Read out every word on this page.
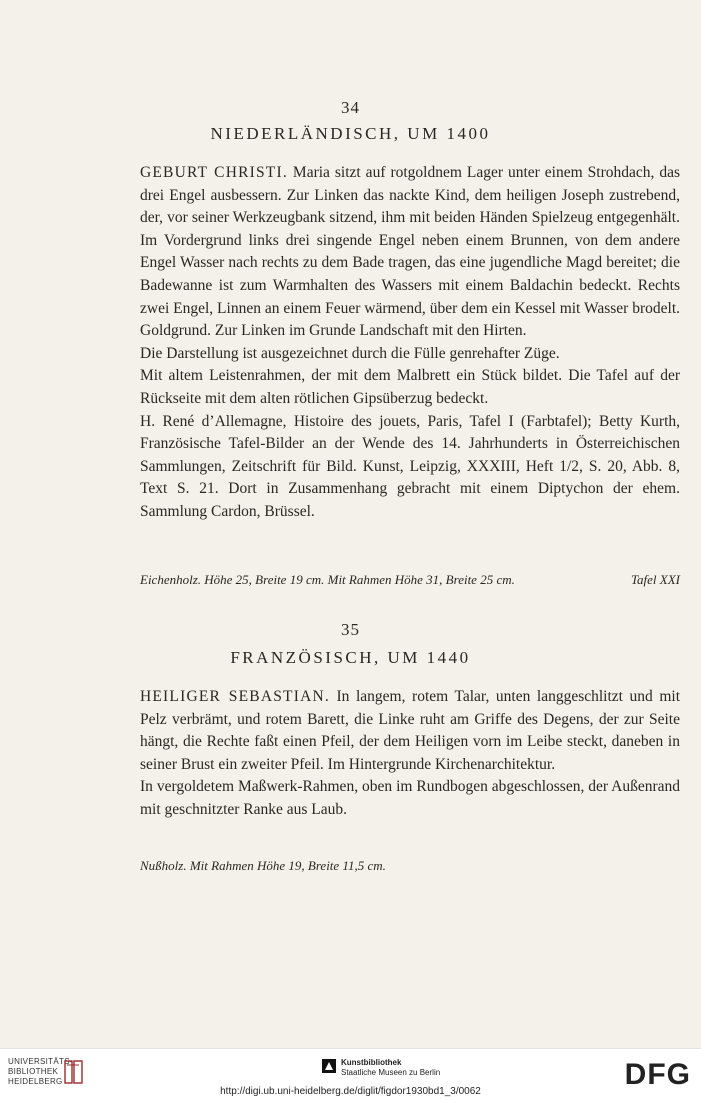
34
NIEDERLÄNDISCH, UM 1400

GEBURT CHRISTI. Maria sitzt auf rotgoldnem Lager unter einem Strohdach, das drei Engel ausbessern. Zur Linken das nackte Kind, dem heiligen Joseph zustrebend, der, vor seiner Werkzeugbank sitzend, ihm mit beiden Händen Spielzeug entgegenhält. Im Vordergrund links drei singende Engel neben einem Brunnen, von dem andere Engel Wasser nach rechts zu dem Bade tragen, das eine jugendliche Magd bereitet; die Badewanne ist zum Warmhalten des Wassers mit einem Baldachin bedeckt. Rechts zwei Engel, Linnen an einem Feuer wärmend, über dem ein Kessel mit Wasser brodelt. Goldgrund. Zur Linken im Grunde Landschaft mit den Hirten.

Die Darstellung ist ausgezeichnet durch die Fülle genrehafter Züge.

Mit altem Leistenrahmen, der mit dem Malbrett ein Stück bildet. Die Tafel auf der Rückseite mit dem alten rötlichen Gipsüberzug bedeckt.

H. René d’Allemagne, Histoire des jouets, Paris, Tafel I (Farbtafel); Betty Kurth, Französische Tafel-Bilder an der Wende des 14. Jahrhunderts in Österreichischen Sammlungen, Zeitschrift für Bild. Kunst, Leipzig, XXXIII, Heft 1/2, S. 20, Abb. 8, Text S. 21. Dort in Zusammenhang gebracht mit einem Diptychon der ehem. Sammlung Cardon, Brüssel.

Eichenholz. Höhe 25, Breite 19 cm. Mit Rahmen Höhe 31, Breite 25 cm.	Tafel XXI
35
FRANZÖSISCH, UM 1440

HEILIGER SEBASTIAN. In langem, rotem Talar, unten langgeschlitzt und mit Pelz verbrämt, und rotem Barett, die Linke ruht am Griffe des Degens, der zur Seite hängt, die Rechte faßt einen Pfeil, der dem Heiligen vorn im Leibe steckt, daneben in seiner Brust ein zweiter Pfeil. Im Hintergrunde Kirchenarchitektur.

In vergoldetem Maßwerk-Rahmen, oben im Rundbogen abgeschlossen, der Außenrand mit geschnitzter Ranke aus Laub.

Nußholz. Mit Rahmen Höhe 19, Breite 11,5 cm.
UNIVERSITÄTS-
BIBLIOTHEK
HEIDELBERG
Kunstbibliothek
Staatliche Museen zu Berlin	DFG
http://digi.ub.uni-heidelberg.de/diglit/figdor1930bd1_3/0062
